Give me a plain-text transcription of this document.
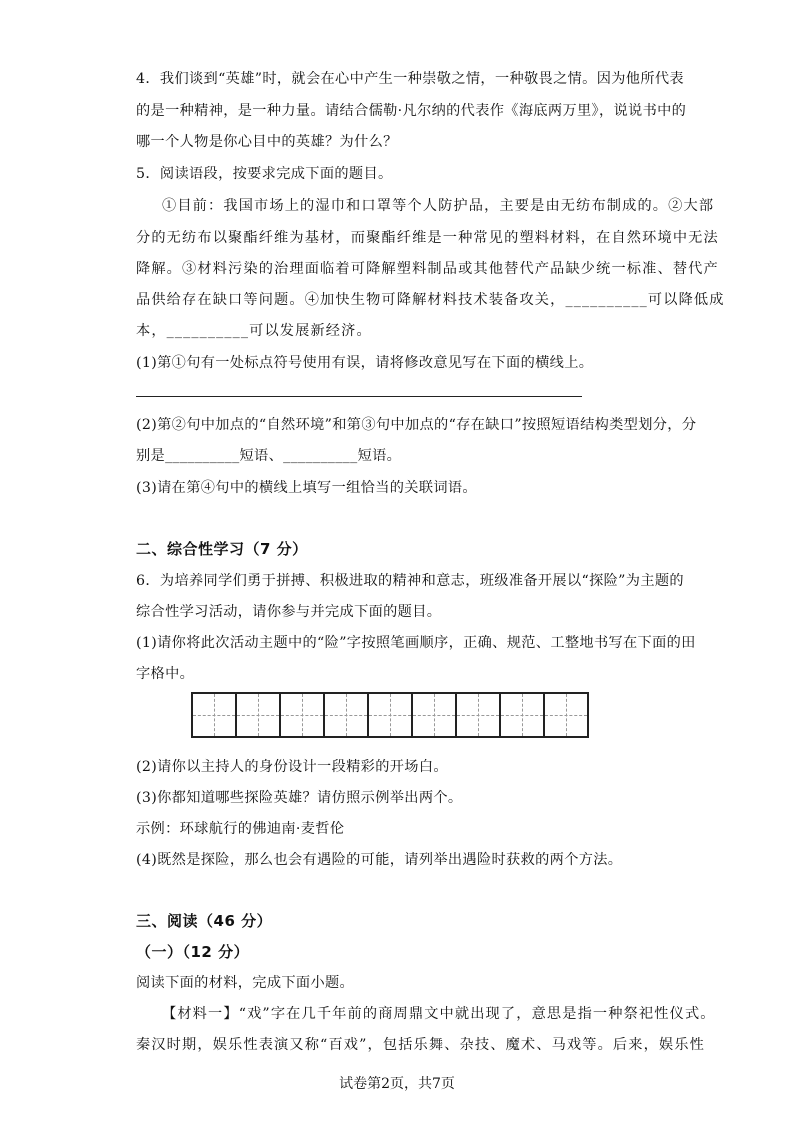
4．我们谈到“英雄”时，就会在心中产生一种崇敬之情，一种敬畏之情。因为他所代表
的是一种精神，是一种力量。请结合儒勒·凡尔纳的代表作《海底两万里》，说说书中的
哪一个人物是你心目中的英雄？为什么？
5．阅读语段，按要求完成下面的题目。
①目前：我国市场上的湿巾和口罩等个人防护品，主要是由无纺布制成的。②大部
分的无纺布以聚酯纤维为基材，而聚酯纤维是一种常见的塑料材料，在自然环境中无法
降解。③材料污染的治理面临着可降解塑料制品或其他替代产品缺少统一标准、替代产
品供给存在缺口等问题。④加快生物可降解材料技术装备攻关，__________可以降低成
本，__________可以发展新经济。
(1)第①句有一处标点符号使用有误，请将修改意见写在下面的横线上。
(2)第②句中加点的“自然环境”和第③句中加点的“存在缺口”按照短语结构类型划分，分
别是__________短语、__________短语。
(3)请在第④句中的横线上填写一组恰当的关联词语。
二、综合性学习（7 分）
6．为培养同学们勇于拼搏、积极进取的精神和意志，班级准备开展以“探险”为主题的
综合性学习活动，请你参与并完成下面的题目。
(1)请你将此次活动主题中的“险”字按照笔画顺序，正确、规范、工整地书写在下面的田
字格中。
(2)请你以主持人的身份设计一段精彩的开场白。
(3)你都知道哪些探险英雄？请仿照示例举出两个。
示例：环球航行的佛迪南·麦哲伦
(4)既然是探险，那么也会有遇险的可能，请列举出遇险时获救的两个方法。
三、阅读（46 分）
（一）（12 分）
阅读下面的材料，完成下面小题。
【材料一】“戏”字在几千年前的商周鼎文中就出现了，意思是指一种祭祀性仪式。
秦汉时期，娱乐性表演又称“百戏”，包括乐舞、杂技、魔术、马戏等。后来，娱乐性
试卷第2页，共7页
